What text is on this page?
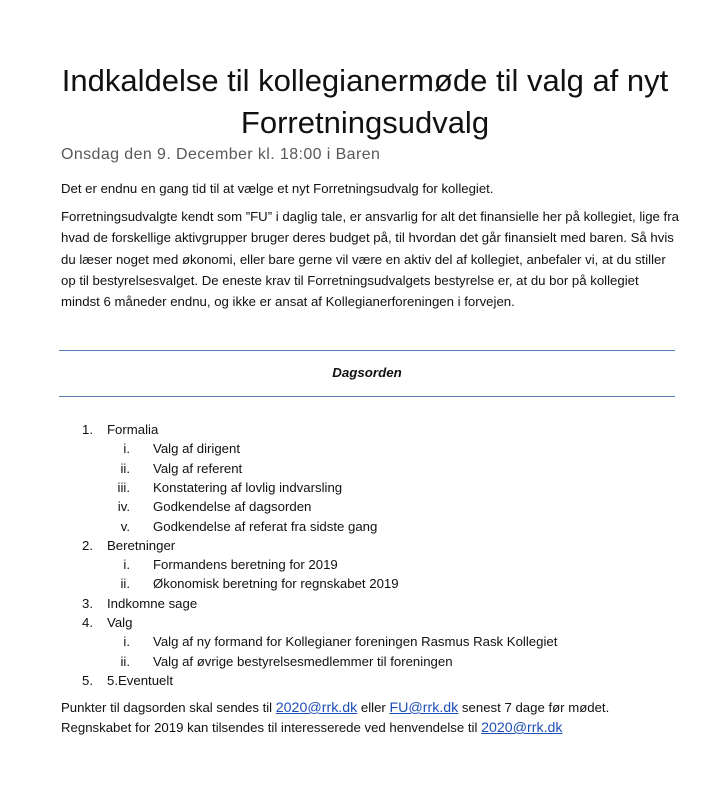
Indkaldelse til kollegianermøde til valg af nyt Forretningsudvalg
Onsdag den 9. December kl. 18:00 i Baren

Det er endnu en gang tid til at vælge et nyt Forretningsudvalg for kollegiet.

Forretningsudvalgte kendt som ”FU” i daglig tale, er ansvarlig for alt det finansielle her på kollegiet, lige fra hvad de forskellige aktivgrupper bruger deres budget på, til hvordan det går finansielt med baren. Så hvis du læser noget med økonomi, eller bare gerne vil være en aktiv del af kollegiet, anbefaler vi, at du stiller op til bestyrelsesvalget. De eneste krav til Forretningsudvalgets bestyrelse er, at du bor på kollegiet mindst 6 måneder endnu, og ikke er ansat af Kollegianerforeningen i forvejen.

Dagsorden
1. Formalia
i. Valg af dirigent
ii. Valg af referent
iii. Konstatering af lovlig indvarsling
iv. Godkendelse af dagsorden
v. Godkendelse af referat fra sidste gang
2. Beretninger
i. Formandens beretning for 2019
ii. Økonomisk beretning for regnskabet 2019
3. Indkomne sage
4. Valg
i. Valg af ny formand for Kollegianer foreningen Rasmus Rask Kollegiet
ii. Valg af øvrige bestyrelsesmedlemmer til foreningen
5. 5.Eventuelt
Punkter til dagsorden skal sendes til 2020@rrk.dk eller FU@rrk.dk senest 7 dage før mødet.
Regnskabet for 2019 kan tilsendes til interesserede ved henvendelse til 2020@rrk.dk
